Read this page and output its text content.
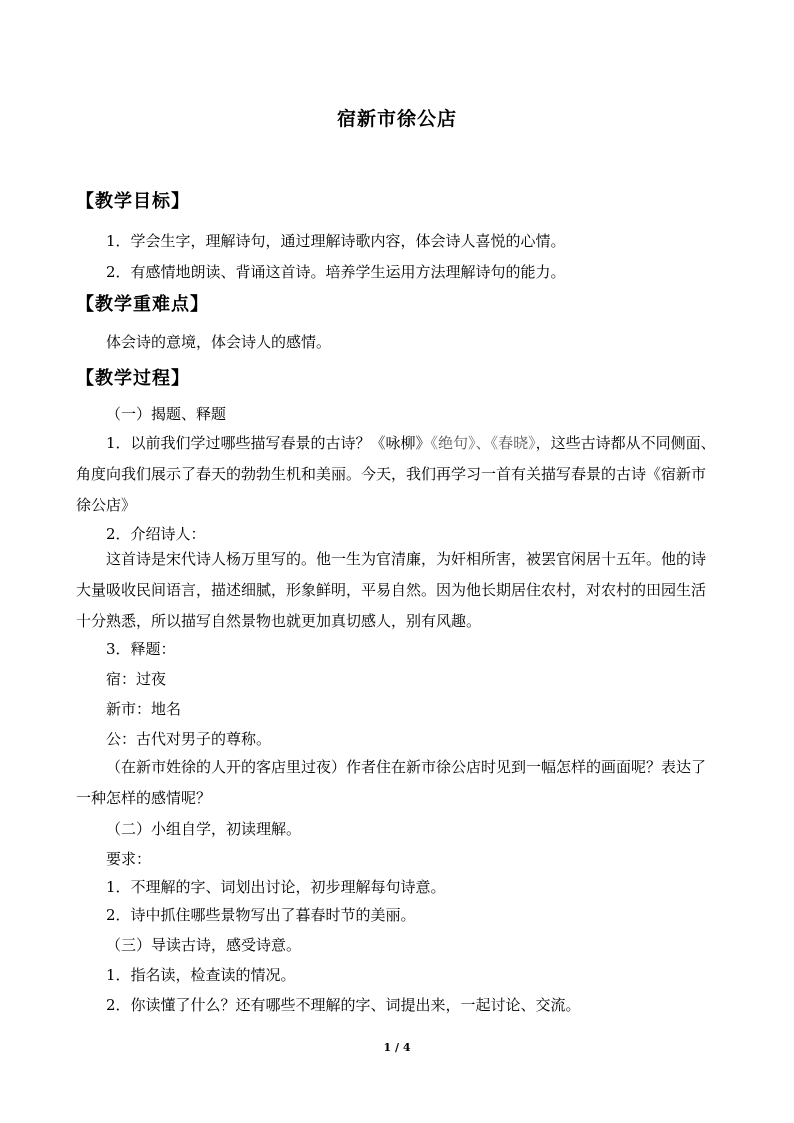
宿新市徐公店
【教学目标】
1．学会生字，理解诗句，通过理解诗歌内容，体会诗人喜悦的心情。
2．有感情地朗读、背诵这首诗。培养学生运用方法理解诗句的能力。
【教学重难点】
体会诗的意境，体会诗人的感情。
【教学过程】
（一）揭题、释题
1．以前我们学过哪些描写春景的古诗？《咏柳》《绝句》、《春晓》，这些古诗都从不同侧面、角度向我们展示了春天的勃勃生机和美丽。今天，我们再学习一首有关描写春景的古诗《宿新市徐公店》
2．介绍诗人：
这首诗是宋代诗人杨万里写的。他一生为官清廉，为奸相所害，被罢官闲居十五年。他的诗大量吸收民间语言，描述细腻，形象鲜明，平易自然。因为他长期居住农村，对农村的田园生活十分熟悉，所以描写自然景物也就更加真切感人，别有风趣。
3．释题：
宿：过夜
新市：地名
公：古代对男子的尊称。
（在新市姓徐的人开的客店里过夜）作者住在新市徐公店时见到一幅怎样的画面呢？表达了一种怎样的感情呢？
（二）小组自学，初读理解。
要求：
1．不理解的字、词划出讨论，初步理解每句诗意。
2．诗中抓住哪些景物写出了暮春时节的美丽。
（三）导读古诗，感受诗意。
1．指名读，检查读的情况。
2．你读懂了什么？还有哪些不理解的字、词提出来，一起讨论、交流。
1 / 4
